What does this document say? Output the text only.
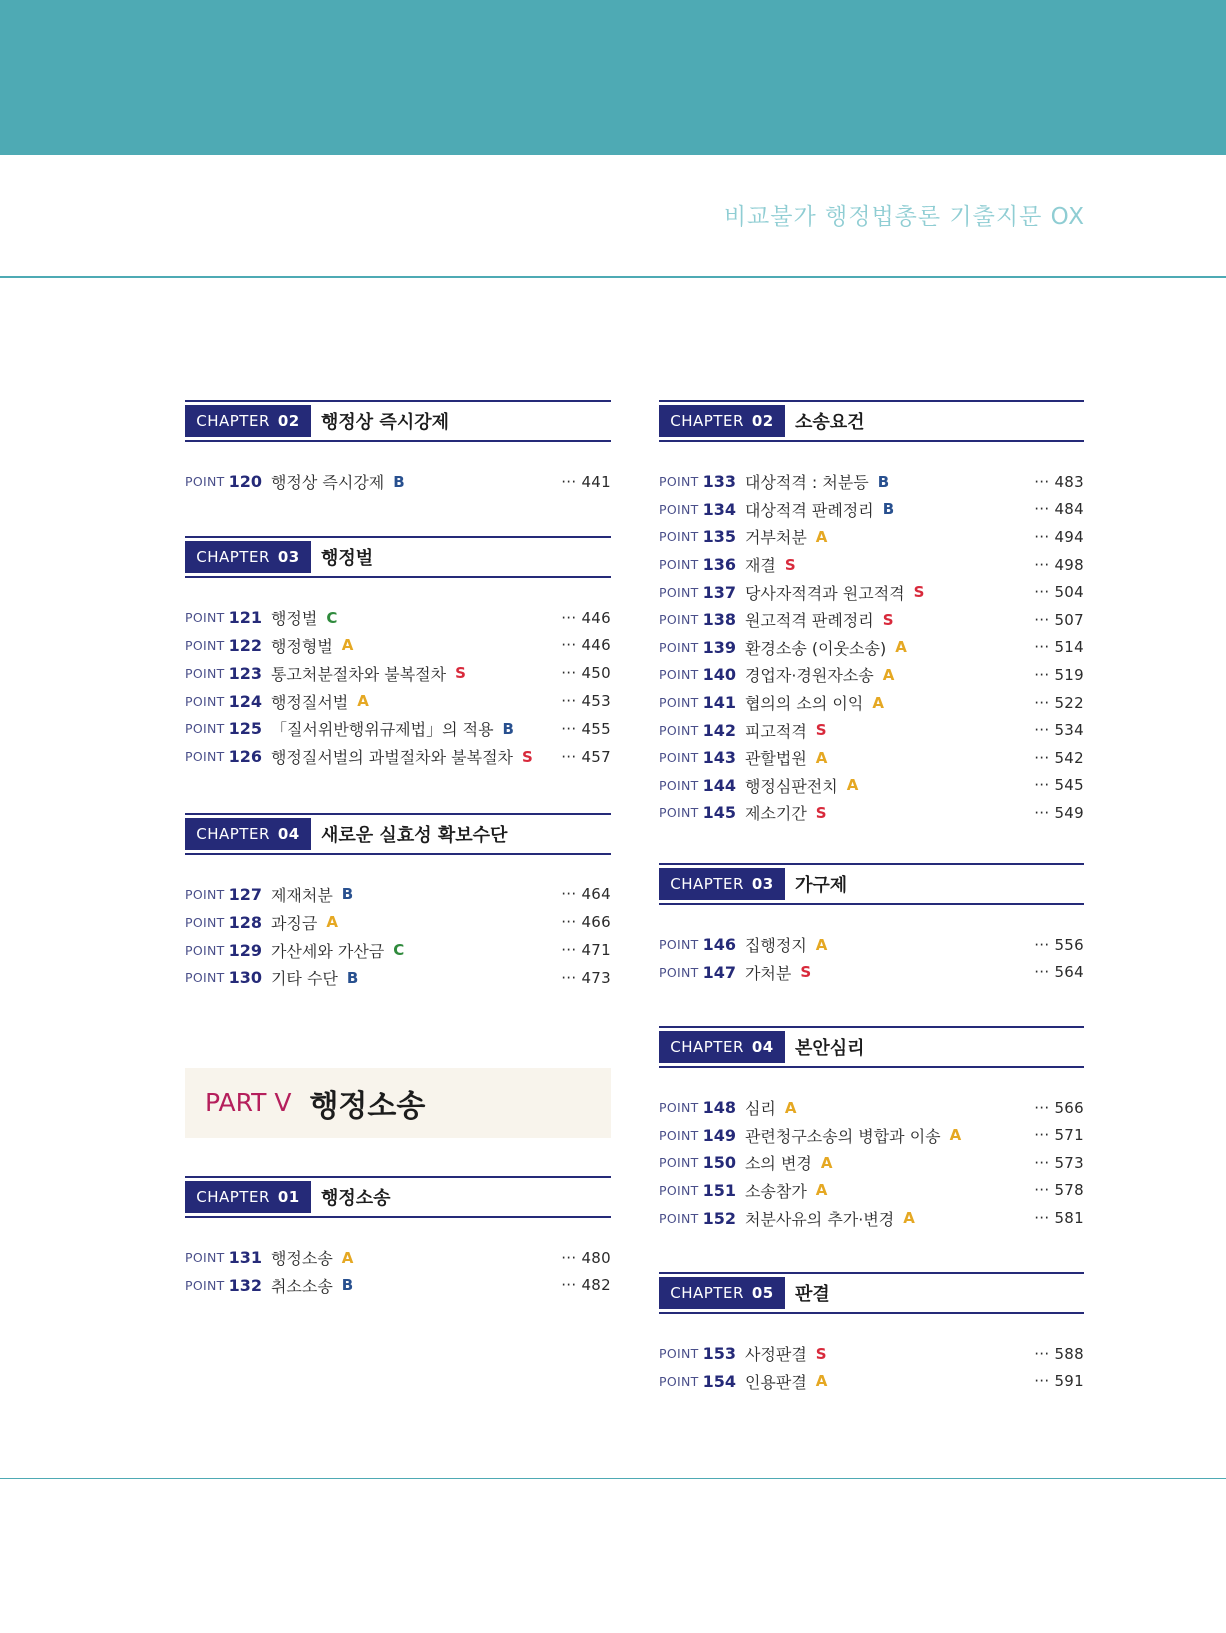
비교불가 행정법총론 기출지문 OX
CHAPTER 02	행정상 즉시강제
POINT 120 행정상 즉시강제 B	··· 441
CHAPTER 03	행정벌
POINT 121 행정벌 C	··· 446
POINT 122 행정형벌 A	··· 446
POINT 123 통고처분절차와 불복절차 S	··· 450
POINT 124 행정질서벌 A	··· 453
POINT 125 「질서위반행위규제법」의 적용 B	··· 455
POINT 126 행정질서벌의 과벌절차와 불복절차 S ··· 457
CHAPTER 04	새로운 실효성 확보수단
POINT 127 제재처분 B	··· 464
POINT 128 과징금 A	··· 466
POINT 129 가산세와 가산금 C	··· 471
POINT 130 기타 수단 B	··· 473
PART V 행정소송
CHAPTER 01	행정소송
POINT 131 행정소송 A	··· 480
POINT 132 취소소송 B	··· 482
CHAPTER 02	소송요건
POINT 133 대상적격 : 처분등 B	··· 483
POINT 134 대상적격 판례정리 B	··· 484
POINT 135 거부처분 A	··· 494
POINT 136 재결 S	··· 498
POINT 137 당사자적격과 원고적격 S	··· 504
POINT 138 원고적격 판례정리 S	··· 507
POINT 139 환경소송 (이웃소송) A	··· 514
POINT 140 경업자·경원자소송 A	··· 519
POINT 141 협의의 소의 이익 A	··· 522
POINT 142 피고적격 S	··· 534
POINT 143 관할법원 A	··· 542
POINT 144 행정심판전치 A	··· 545
POINT 145 제소기간 S	··· 549
CHAPTER 03	가구제
POINT 146 집행정지 A	··· 556
POINT 147 가처분 S	··· 564
CHAPTER 04	본안심리
POINT 148 심리 A	··· 566
POINT 149 관련청구소송의 병합과 이송 A	··· 571
POINT 150 소의 변경 A	··· 573
POINT 151 소송참가 A	··· 578
POINT 152 처분사유의 추가·변경 A	··· 581
CHAPTER 05	판결
POINT 153 사정판결 S	··· 588
POINT 154 인용판결 A	··· 591
